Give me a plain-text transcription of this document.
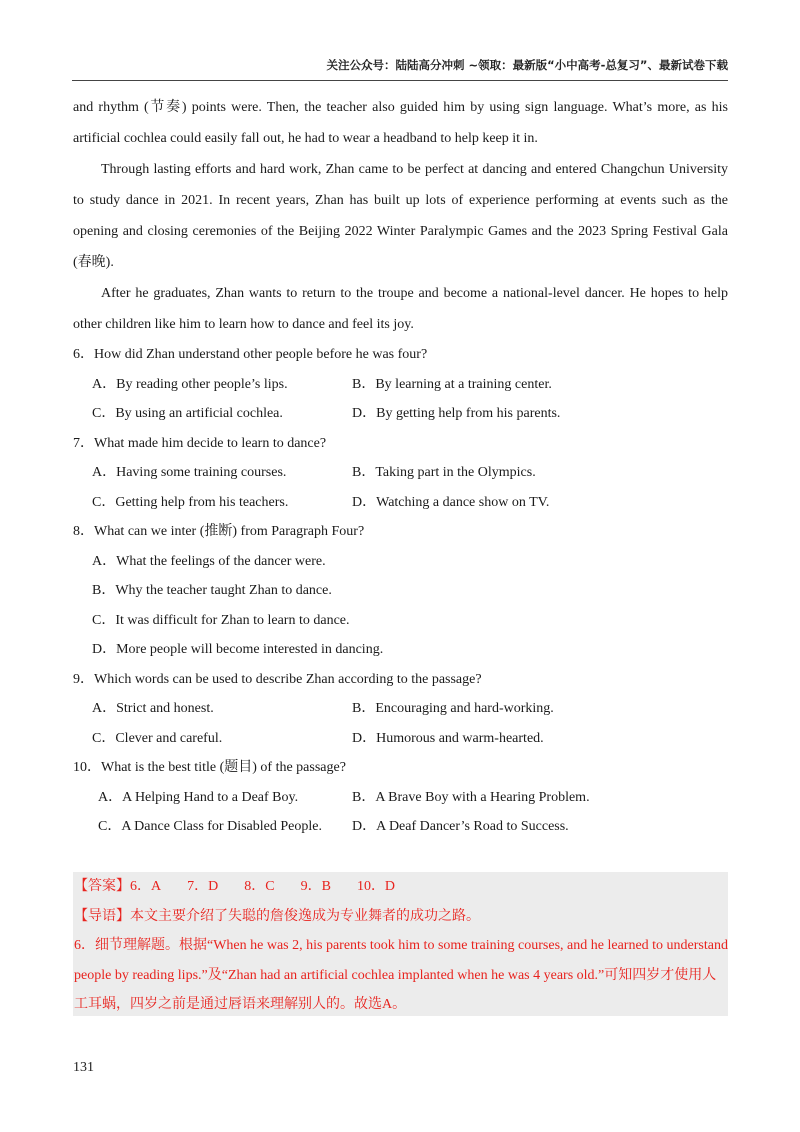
关注公众号：陆陆高分冲刺 ~领取：最新版“小中高考-总复习”、最新试卷下载

and rhythm (节奏) points were. Then, the teacher also guided him by using sign language. What’s more, as his artificial cochlea could easily fall out, he had to wear a headband to help keep it in.

Through lasting efforts and hard work, Zhan came to be perfect at dancing and entered Changchun University to study dance in 2021. In recent years, Zhan has built up lots of experience performing at events such as the opening and closing ceremonies of the Beijing 2022 Winter Paralympic Games and the 2023 Spring Festival Gala (春晚).

After he graduates, Zhan wants to return to the troupe and become a national-level dancer. He hopes to help other children like him to learn how to dance and feel its joy.

6．How did Zhan understand other people before he was four?
A．By reading other people’s lips.	B．By learning at a training center.
C．By using an artificial cochlea.	D．By getting help from his parents.
7．What made him decide to learn to dance?
A．Having some training courses.	B．Taking part in the Olympics.
C．Getting help from his teachers.	D．Watching a dance show on TV.
8．What can we inter (推断) from Paragraph Four?
A．What the feelings of the dancer were.
B．Why the teacher taught Zhan to dance.
C．It was difficult for Zhan to learn to dance.
D．More people will become interested in dancing.
9．Which words can be used to describe Zhan according to the passage?
A．Strict and honest.	B．Encouraging and hard-working.
C．Clever and careful.	D．Humorous and warm-hearted.
10．What is the best title (题目) of the passage?
A．A Helping Hand to a Deaf Boy.	B．A Brave Boy with a Hearing Problem.
C．A Dance Class for Disabled People.	D．A Deaf Dancer’s Road to Success.
【答案】6．A 7．D 8．C 9．B 10．D
【导语】本文主要介绍了失聪的詹俊逸成为专业舞者的成功之路。
6．细节理解题。根据“When he was 2, his parents took him to some training courses, and he learned to understand people by reading lips.”及“Zhan had an artificial cochlea implanted when he was 4 years old.”可知四岁才使用人工耳蜗，四岁之前是通过唇语来理解别人的。故选A。
131
